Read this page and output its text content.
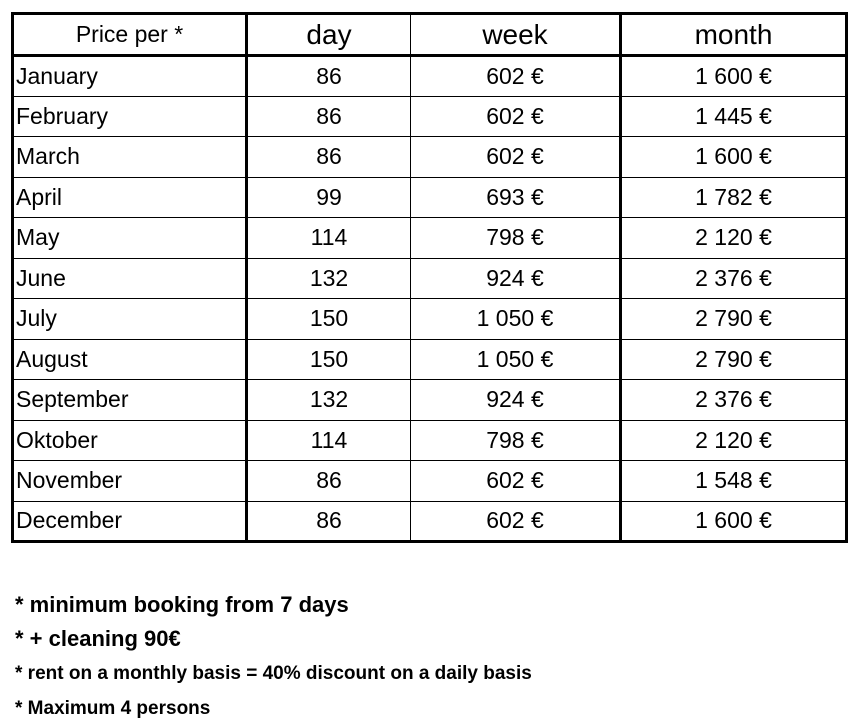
Price per *	day	week	month
January	86	602 €	1 600 €
February	86	602 €	1 445 €
March	86	602 €	1 600 €
April	99	693 €	1 782 €
May	114	798 €	2 120 €
June	132	924 €	2 376 €
July	150	1 050 €	2 790 €
August	150	1 050 €	2 790 €
September	132	924 €	2 376 €
Oktober	114	798 €	2 120 €
November	86	602 €	1 548 €
December	86	602 €	1 600 €
* minimum booking from 7 days
* + cleaning 90€
* rent on a monthly basis = 40% discount on a daily basis
* Maximum 4 persons
